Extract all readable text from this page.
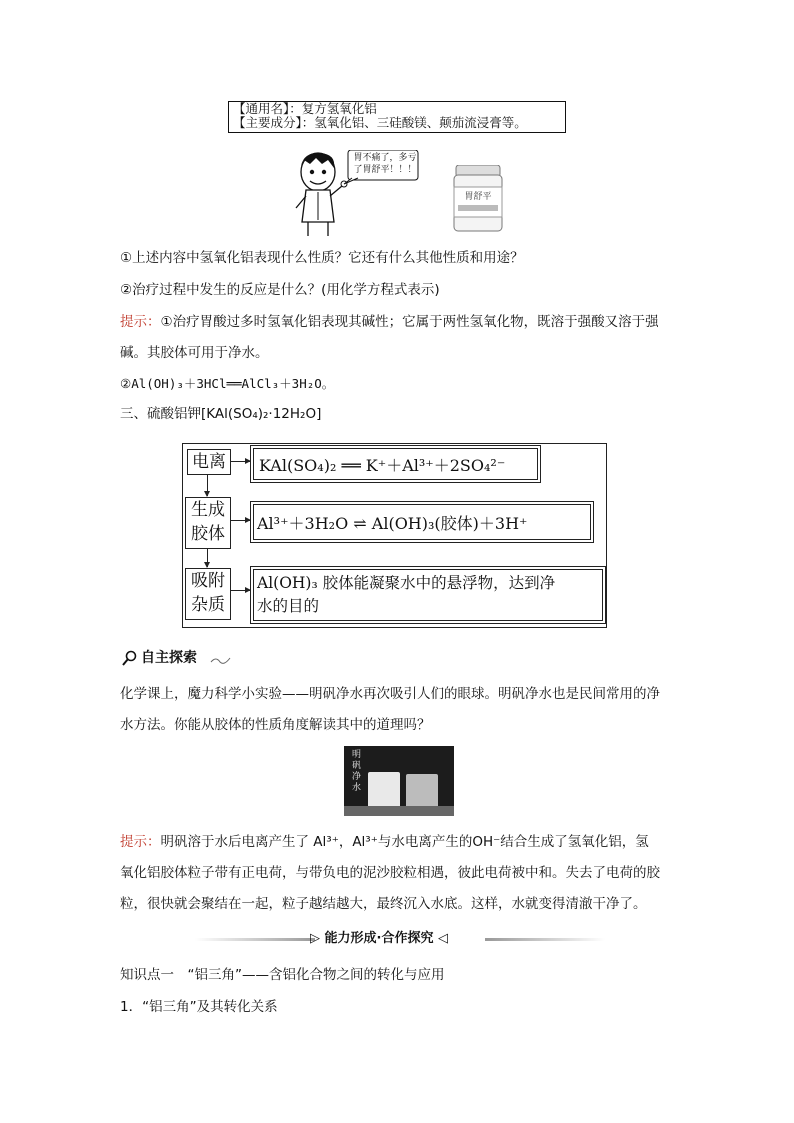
【通用名】：复方氢氧化铝
【主要成分】：氢氧化铝、三硅酸镁、颠茄流浸膏等。
胃不痛了，多亏了胃舒平！！！
胃舒平
①上述内容中氢氧化铝表现什么性质？它还有什么其他性质和用途？
②治疗过程中发生的反应是什么？(用化学方程式表示)
提示：①治疗胃酸过多时氢氧化铝表现其碱性；它属于两性氢氧化物，既溶于强酸又溶于强
碱。其胶体可用于净水。
②Al(OH)₃＋3HCl══AlCl₃＋3H₂O。
三、硫酸铝钾[KAl(SO₄)₂·12H₂O]
电离
生成
胶体
吸附
杂质
KAl(SO₄)₂ ══ K⁺＋Al³⁺＋2SO₄²⁻
Al³⁺＋3H₂O ⇌ Al(OH)₃(胶体)＋3H⁺
Al(OH)₃ 胶体能凝聚水中的悬浮物，达到净
水的目的
自主探索
化学课上，魔力科学小实验——明矾净水再次吸引人们的眼球。明矾净水也是民间常用的净
水方法。你能从胶体的性质角度解读其中的道理吗？
明矾净水
提示：明矾溶于水后电离产生了 Al³⁺，Al³⁺与水电离产生的OH⁻结合生成了氢氧化铝，氢
氧化铝胶体粒子带有正电荷，与带负电的泥沙胶粒相遇，彼此电荷被中和。失去了电荷的胶
粒，很快就会聚结在一起，粒子越结越大，最终沉入水底。这样，水就变得清澈干净了。
▷ 能力形成·合作探究 ◁
知识点一　“铝三角”——含铝化合物之间的转化与应用
1．“铝三角”及其转化关系
